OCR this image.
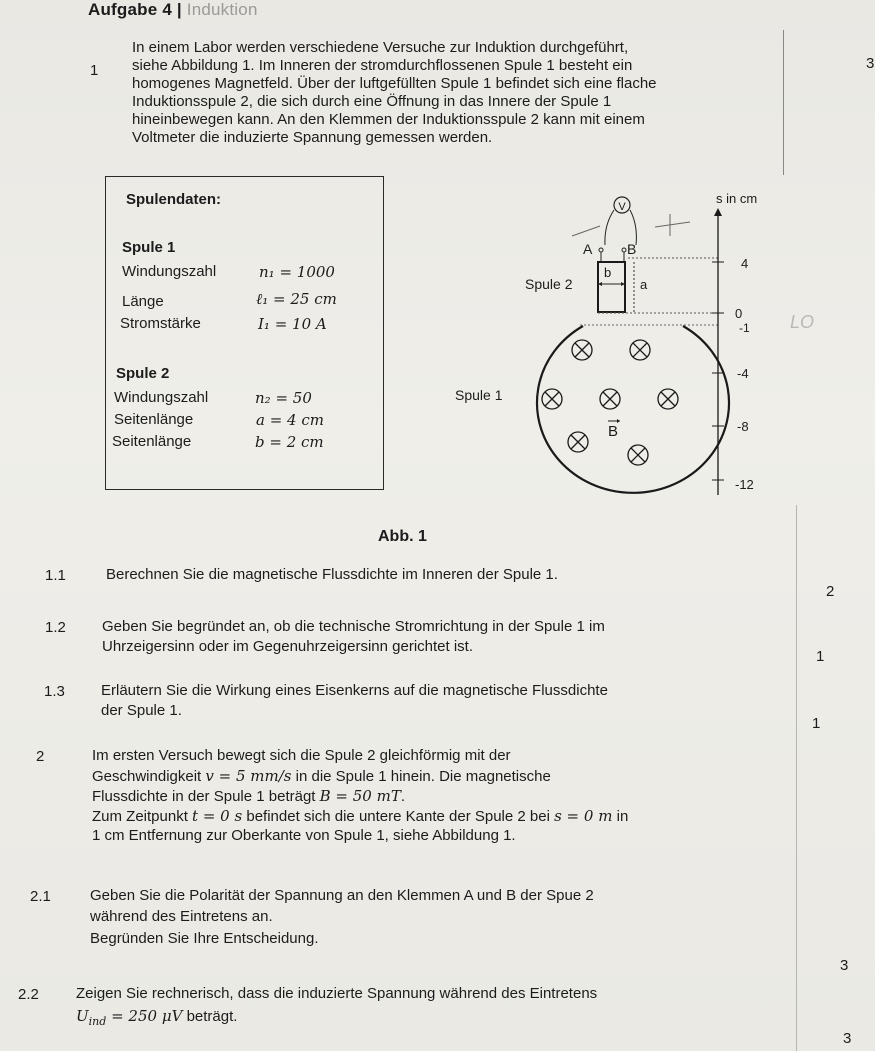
Aufgabe 4 | Induktion
1	3
In einem Labor werden verschiedene Versuche zur Induktion durchgeführt,
siehe Abbildung 1. Im Inneren der stromdurchflossenen Spule 1 besteht ein
homogenes Magnetfeld. Über der luftgefüllten Spule 1 befindet sich eine flache
Induktionsspule 2, die sich durch eine Öffnung in das Innere der Spule 1
hineinbewegen kann. An den Klemmen der Induktionsspule 2 kann mit einem
Voltmeter die induzierte Spannung gemessen werden.
Spulendaten:
Spule 1
Windungszahl	n₁ = 1000
Länge	ℓ₁ = 25 cm
Stromstärke	I₁ = 10 A
Spule 2
Windungszahl	n₂ = 50
Seitenlänge	a = 4 cm
Seitenlänge	b = 2 cm
V
A B
b
a
Spule 2
Spule 1
B
s in cm
4
0
-1
-4
-8
-12
LO
Abb. 1
1.1	Berechnen Sie die magnetische Flussdichte im Inneren der Spule 1.
2
1.2 Geben Sie begründet an, ob die technische Stromrichtung in der Spule 1 im
Uhrzeigersinn oder im Gegenuhrzeigersinn gerichtet ist.
1
1.3 Erläutern Sie die Wirkung eines Eisenkerns auf die magnetische Flussdichte
der Spule 1.
1
2	Im ersten Versuch bewegt sich die Spule 2 gleichförmig mit der
Geschwindigkeit v = 5 mm/s in die Spule 1 hinein. Die magnetische
Flussdichte in der Spule 1 beträgt B = 50 mT.
Zum Zeitpunkt t = 0 s befindet sich die untere Kante der Spule 2 bei s = 0 m in
1 cm Entfernung zur Oberkante von Spule 1, siehe Abbildung 1.
2.1	Geben Sie die Polarität der Spannung an den Klemmen A und B der Spue 2
während des Eintretens an.
Begründen Sie Ihre Entscheidung.
3
2.2 Zeigen Sie rechnerisch, dass die induzierte Spannung während des Eintretens
$U_{ind} = 250$ μV beträgt.
3
